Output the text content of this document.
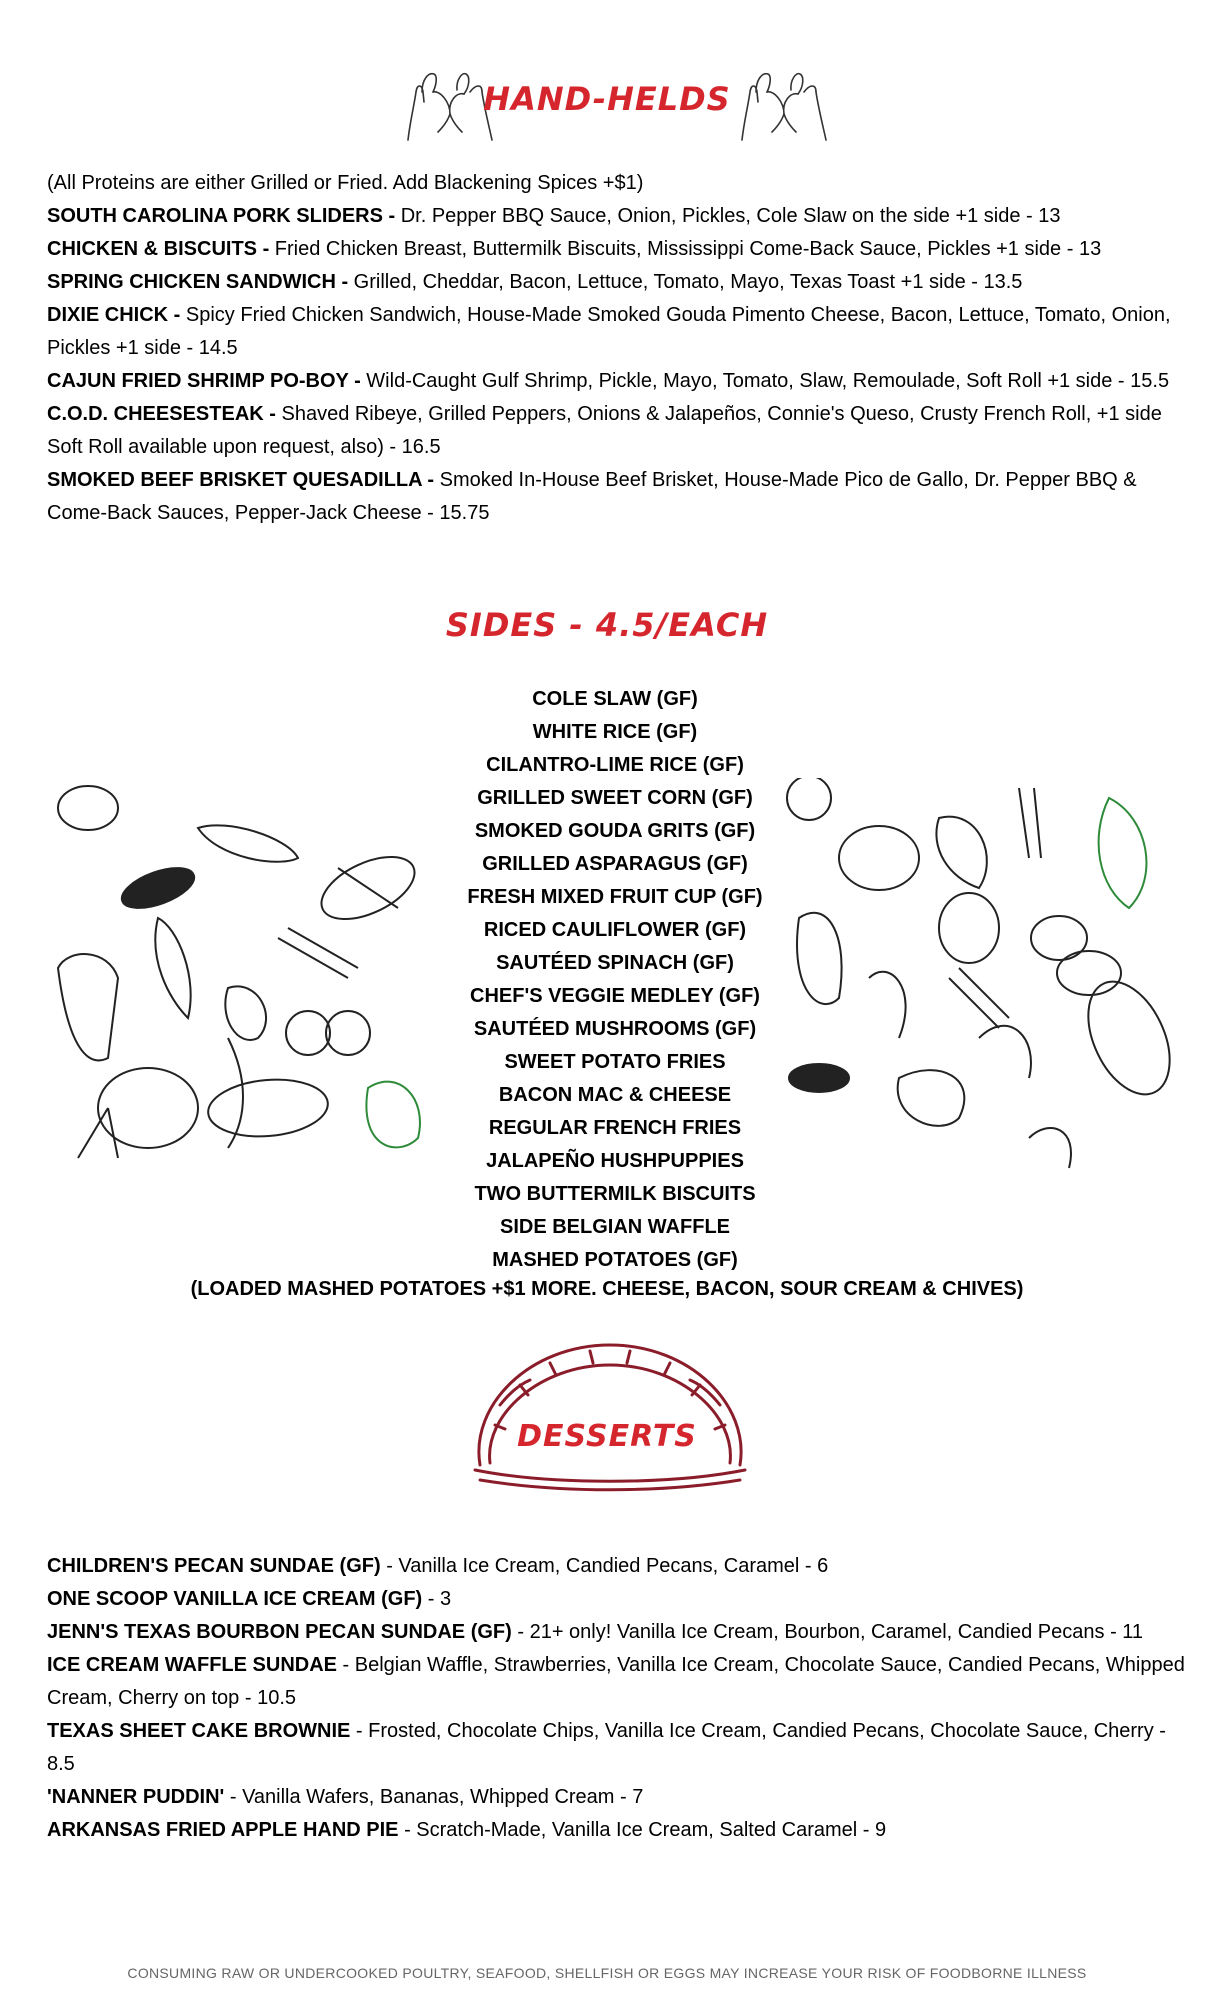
HAND-HELDS

(All Proteins are either Grilled or Fried. Add Blackening Spices +$1)

SOUTH CAROLINA PORK SLIDERS - Dr. Pepper BBQ Sauce, Onion, Pickles, Cole Slaw on the side +1 side - 13

CHICKEN & BISCUITS - Fried Chicken Breast, Buttermilk Biscuits, Mississippi Come-Back Sauce, Pickles +1 side - 13

SPRING CHICKEN SANDWICH - Grilled, Cheddar, Bacon, Lettuce, Tomato, Mayo, Texas Toast +1 side - 13.5

DIXIE CHICK - Spicy Fried Chicken Sandwich, House-Made Smoked Gouda Pimento Cheese, Bacon, Lettuce, Tomato, Onion, Pickles +1 side - 14.5

CAJUN FRIED SHRIMP PO-BOY - Wild-Caught Gulf Shrimp, Pickle, Mayo, Tomato, Slaw, Remoulade, Soft Roll +1 side - 15.5

C.O.D. CHEESESTEAK - Shaved Ribeye, Grilled Peppers, Onions & Jalapeños, Connie's Queso, Crusty French Roll, +1 side Soft Roll available upon request, also) - 16.5

SMOKED BEEF BRISKET QUESADILLA - Smoked In-House Beef Brisket, House-Made Pico de Gallo, Dr. Pepper BBQ & Come-Back Sauces, Pepper-Jack Cheese - 15.75

SIDES - 4.5/EACH
COLE SLAW (GF)
WHITE RICE (GF)
CILANTRO-LIME RICE (GF)
GRILLED SWEET CORN (GF)
SMOKED GOUDA GRITS (GF)
GRILLED ASPARAGUS (GF)
FRESH MIXED FRUIT CUP (GF)
RICED CAULIFLOWER (GF)
SAUTÉED SPINACH (GF)
CHEF'S VEGGIE MEDLEY (GF)
SAUTÉED MUSHROOMS (GF)
SWEET POTATO FRIES
BACON MAC & CHEESE
REGULAR FRENCH FRIES
JALAPEÑO HUSHPUPPIES
TWO BUTTERMILK BISCUITS
SIDE BELGIAN WAFFLE
MASHED POTATOES (GF)
(LOADED MASHED POTATOES +$1 MORE. CHEESE, BACON, SOUR CREAM & CHIVES)
DESSERTS

CHILDREN'S PECAN SUNDAE (GF) - Vanilla Ice Cream, Candied Pecans, Caramel - 6

ONE SCOOP VANILLA ICE CREAM (GF) - 3

JENN'S TEXAS BOURBON PECAN SUNDAE (GF) - 21+ only! Vanilla Ice Cream, Bourbon, Caramel, Candied Pecans - 11

ICE CREAM WAFFLE SUNDAE - Belgian Waffle, Strawberries, Vanilla Ice Cream, Chocolate Sauce, Candied Pecans, Whipped Cream, Cherry on top - 10.5

TEXAS SHEET CAKE BROWNIE - Frosted, Chocolate Chips, Vanilla Ice Cream, Candied Pecans, Chocolate Sauce, Cherry - 8.5

'NANNER PUDDIN' - Vanilla Wafers, Bananas, Whipped Cream - 7

ARKANSAS FRIED APPLE HAND PIE - Scratch-Made, Vanilla Ice Cream, Salted Caramel - 9

CONSUMING RAW OR UNDERCOOKED POULTRY, SEAFOOD, SHELLFISH OR EGGS MAY INCREASE YOUR RISK OF FOODBORNE ILLNESS
